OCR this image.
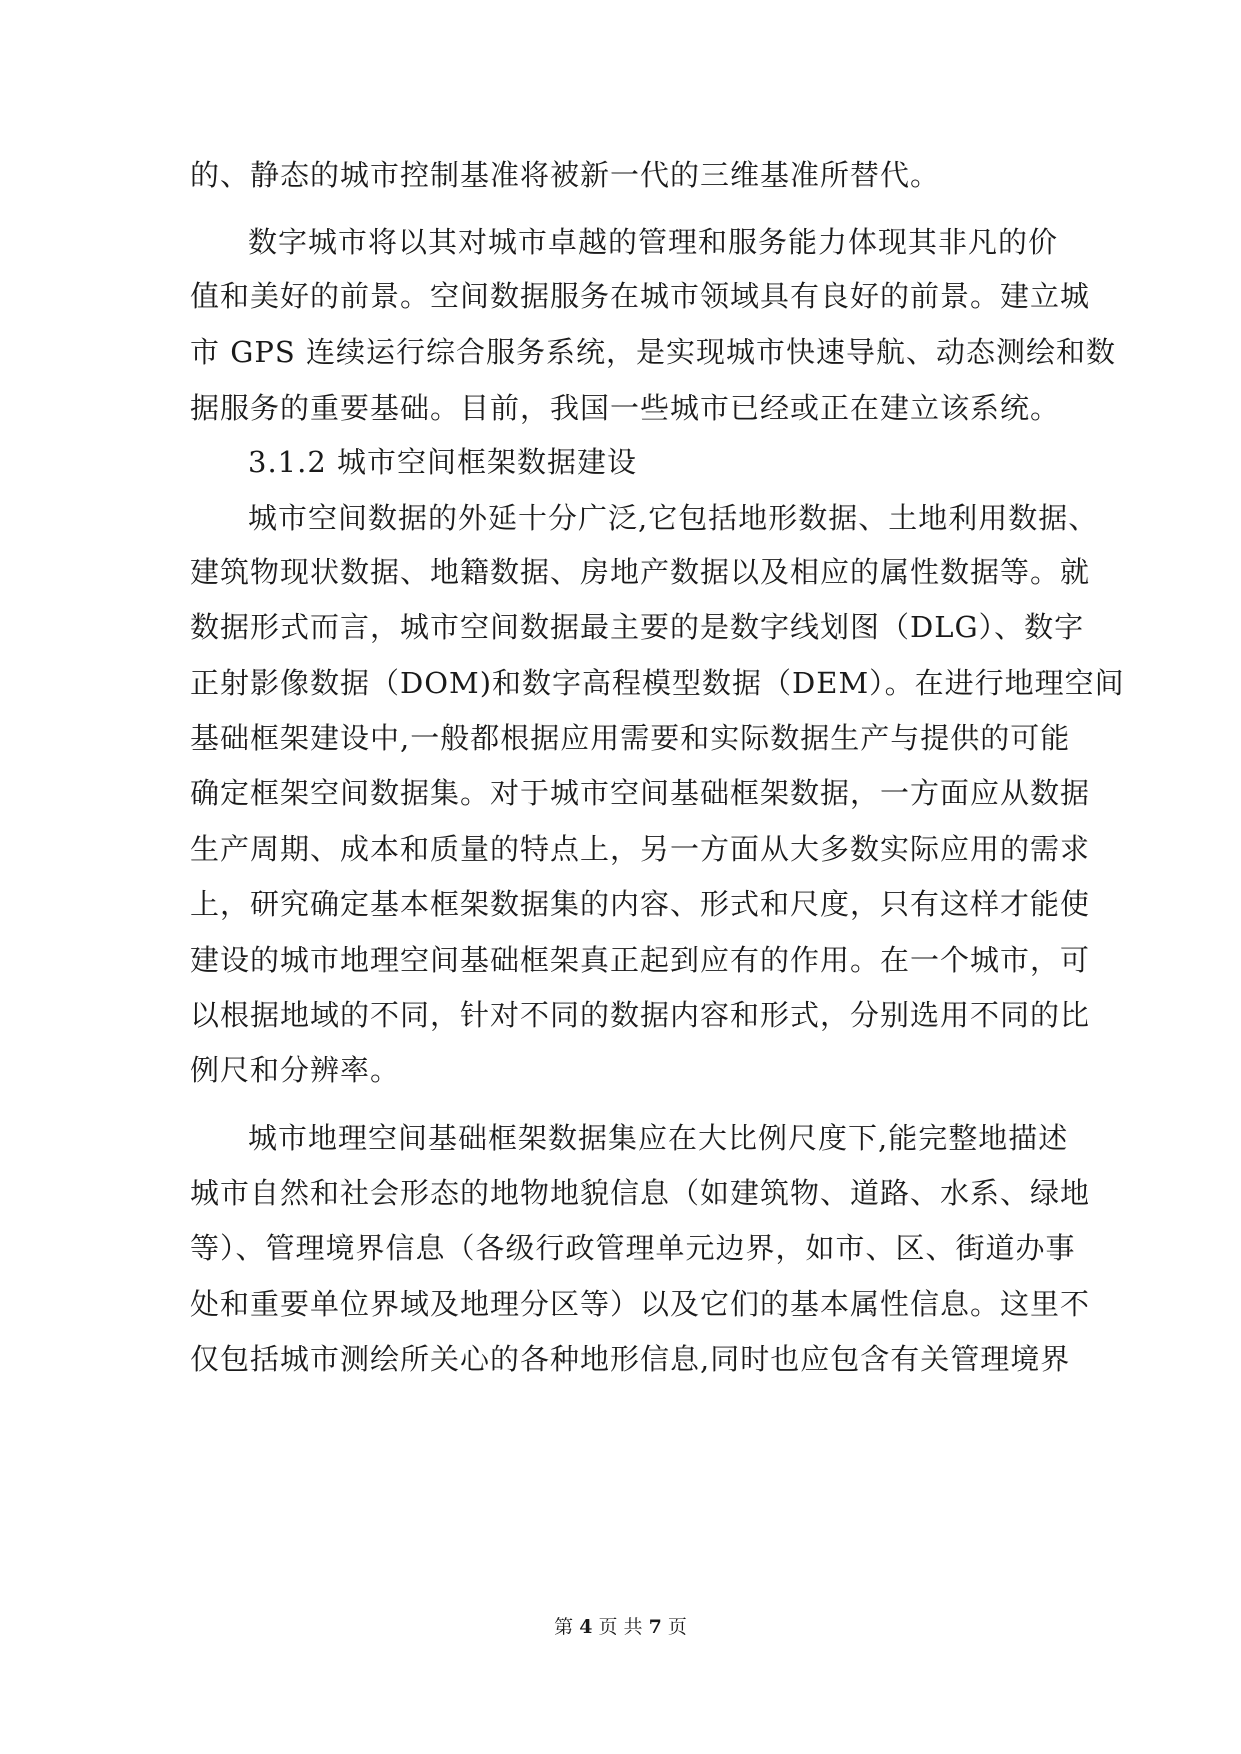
的、静态的城市控制基准将被新一代的三维基准所替代。
数字城市将以其对城市卓越的管理和服务能力体现其非凡的价
值和美好的前景。空间数据服务在城市领域具有良好的前景。建立城
市 GPS 连续运行综合服务系统，是实现城市快速导航、动态测绘和数
据服务的重要基础。目前，我国一些城市已经或正在建立该系统。
3.1.2 城市空间框架数据建设
城市空间数据的外延十分广泛,它包括地形数据、土地利用数据、
建筑物现状数据、地籍数据、房地产数据以及相应的属性数据等。就
数据形式而言，城市空间数据最主要的是数字线划图（DLG）、数字
正射影像数据（DOM)和数字高程模型数据（DEM）。在进行地理空间
基础框架建设中,一般都根据应用需要和实际数据生产与提供的可能
确定框架空间数据集。对于城市空间基础框架数据，一方面应从数据
生产周期、成本和质量的特点上，另一方面从大多数实际应用的需求
上，研究确定基本框架数据集的内容、形式和尺度，只有这样才能使
建设的城市地理空间基础框架真正起到应有的作用。在一个城市，可
以根据地域的不同，针对不同的数据内容和形式，分别选用不同的比
例尺和分辨率。
城市地理空间基础框架数据集应在大比例尺度下,能完整地描述
城市自然和社会形态的地物地貌信息（如建筑物、道路、水系、绿地
等）、管理境界信息（各级行政管理单元边界，如市、区、街道办事
处和重要单位界域及地理分区等）以及它们的基本属性信息。这里不
仅包括城市测绘所关心的各种地形信息,同时也应包含有关管理境界
第 4 页 共 7 页
